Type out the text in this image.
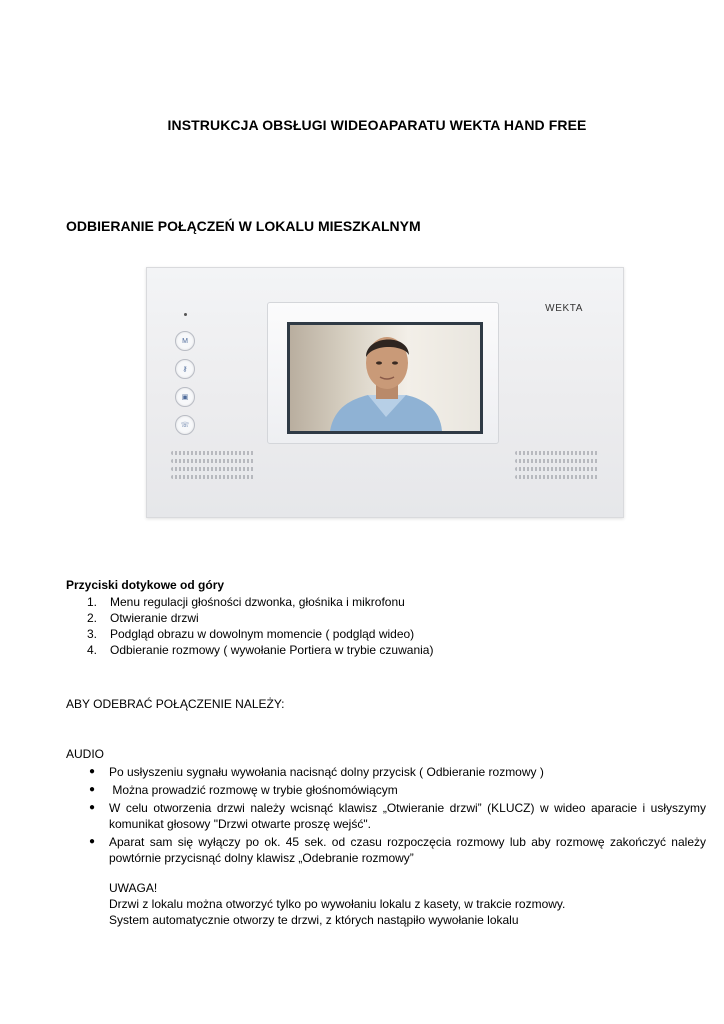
INSTRUKCJA OBSŁUGI WIDEOAPARATU WEKTA HAND FREE
ODBIERANIE POŁĄCZEŃ W LOKALU MIESZKALNYM
WEKTA
M
⚷
▣
☏
Przyciski dotykowe od góry
1. Menu regulacji głośności dzwonka, głośnika i mikrofonu
2. Otwieranie drzwi
3. Podgląd obrazu w dowolnym momencie ( podgląd wideo)
4. Odbieranie rozmowy ( wywołanie Portiera w trybie czuwania)
ABY ODEBRAĆ POŁĄCZENIE NALEŻY:
AUDIO
● Po usłyszeniu sygnału wywołania nacisnąć dolny przycisk ( Odbieranie rozmowy )
● Można prowadzić rozmowę w trybie głośnomówiącym
● W celu otworzenia drzwi należy wcisnąć klawisz „Otwieranie drzwi” (KLUCZ) w wideo aparacie i usłyszymy komunikat głosowy "Drzwi otwarte proszę wejść".
● Aparat sam się wyłączy po ok. 45 sek. od czasu rozpoczęcia rozmowy lub aby rozmowę zakończyć należy powtórnie przycisnąć dolny klawisz „Odebranie rozmowy”
UWAGA!
Drzwi z lokalu można otworzyć tylko po wywołaniu lokalu z kasety, w trakcie rozmowy.
System automatycznie otworzy te drzwi, z których nastąpiło wywołanie lokalu
